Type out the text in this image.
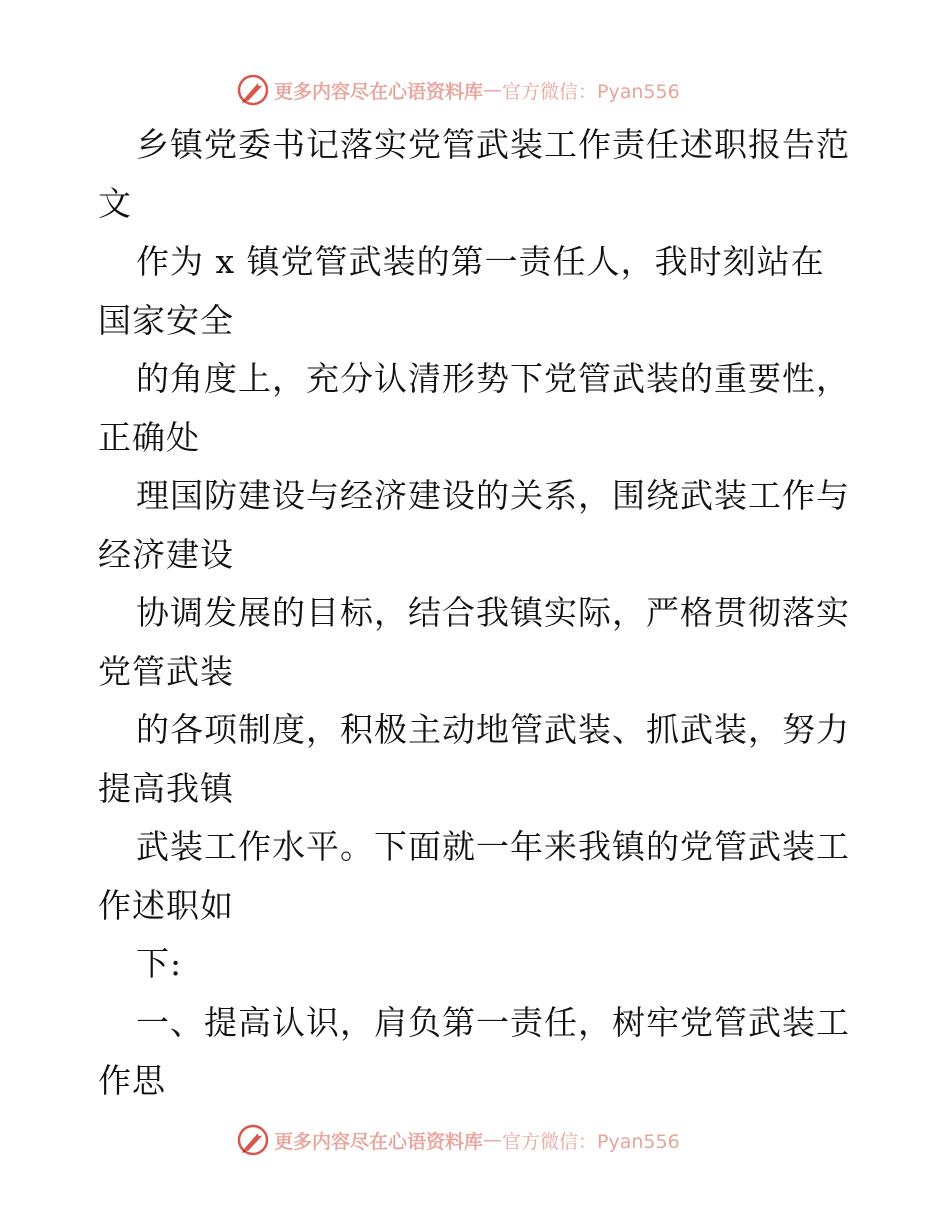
更多内容尽在心语资料库 — 官方微信：Pyan556

乡镇党委书记落实党管武装工作责任述职报告范

文

作为 x 镇党管武装的第一责任人，我时刻站在

国家安全

的角度上，充分认清形势下党管武装的重要性，

正确处

理国防建设与经济建设的关系，围绕武装工作与

经济建设

协调发展的目标，结合我镇实际，严格贯彻落实

党管武装

的各项制度，积极主动地管武装、抓武装，努力

提高我镇

武装工作水平。下面就一年来我镇的党管武装工

作述职如

下:

一、提高认识，肩负第一责任，树牢党管武装工

作思

更多内容尽在心语资料库 — 官方微信：Pyan556
